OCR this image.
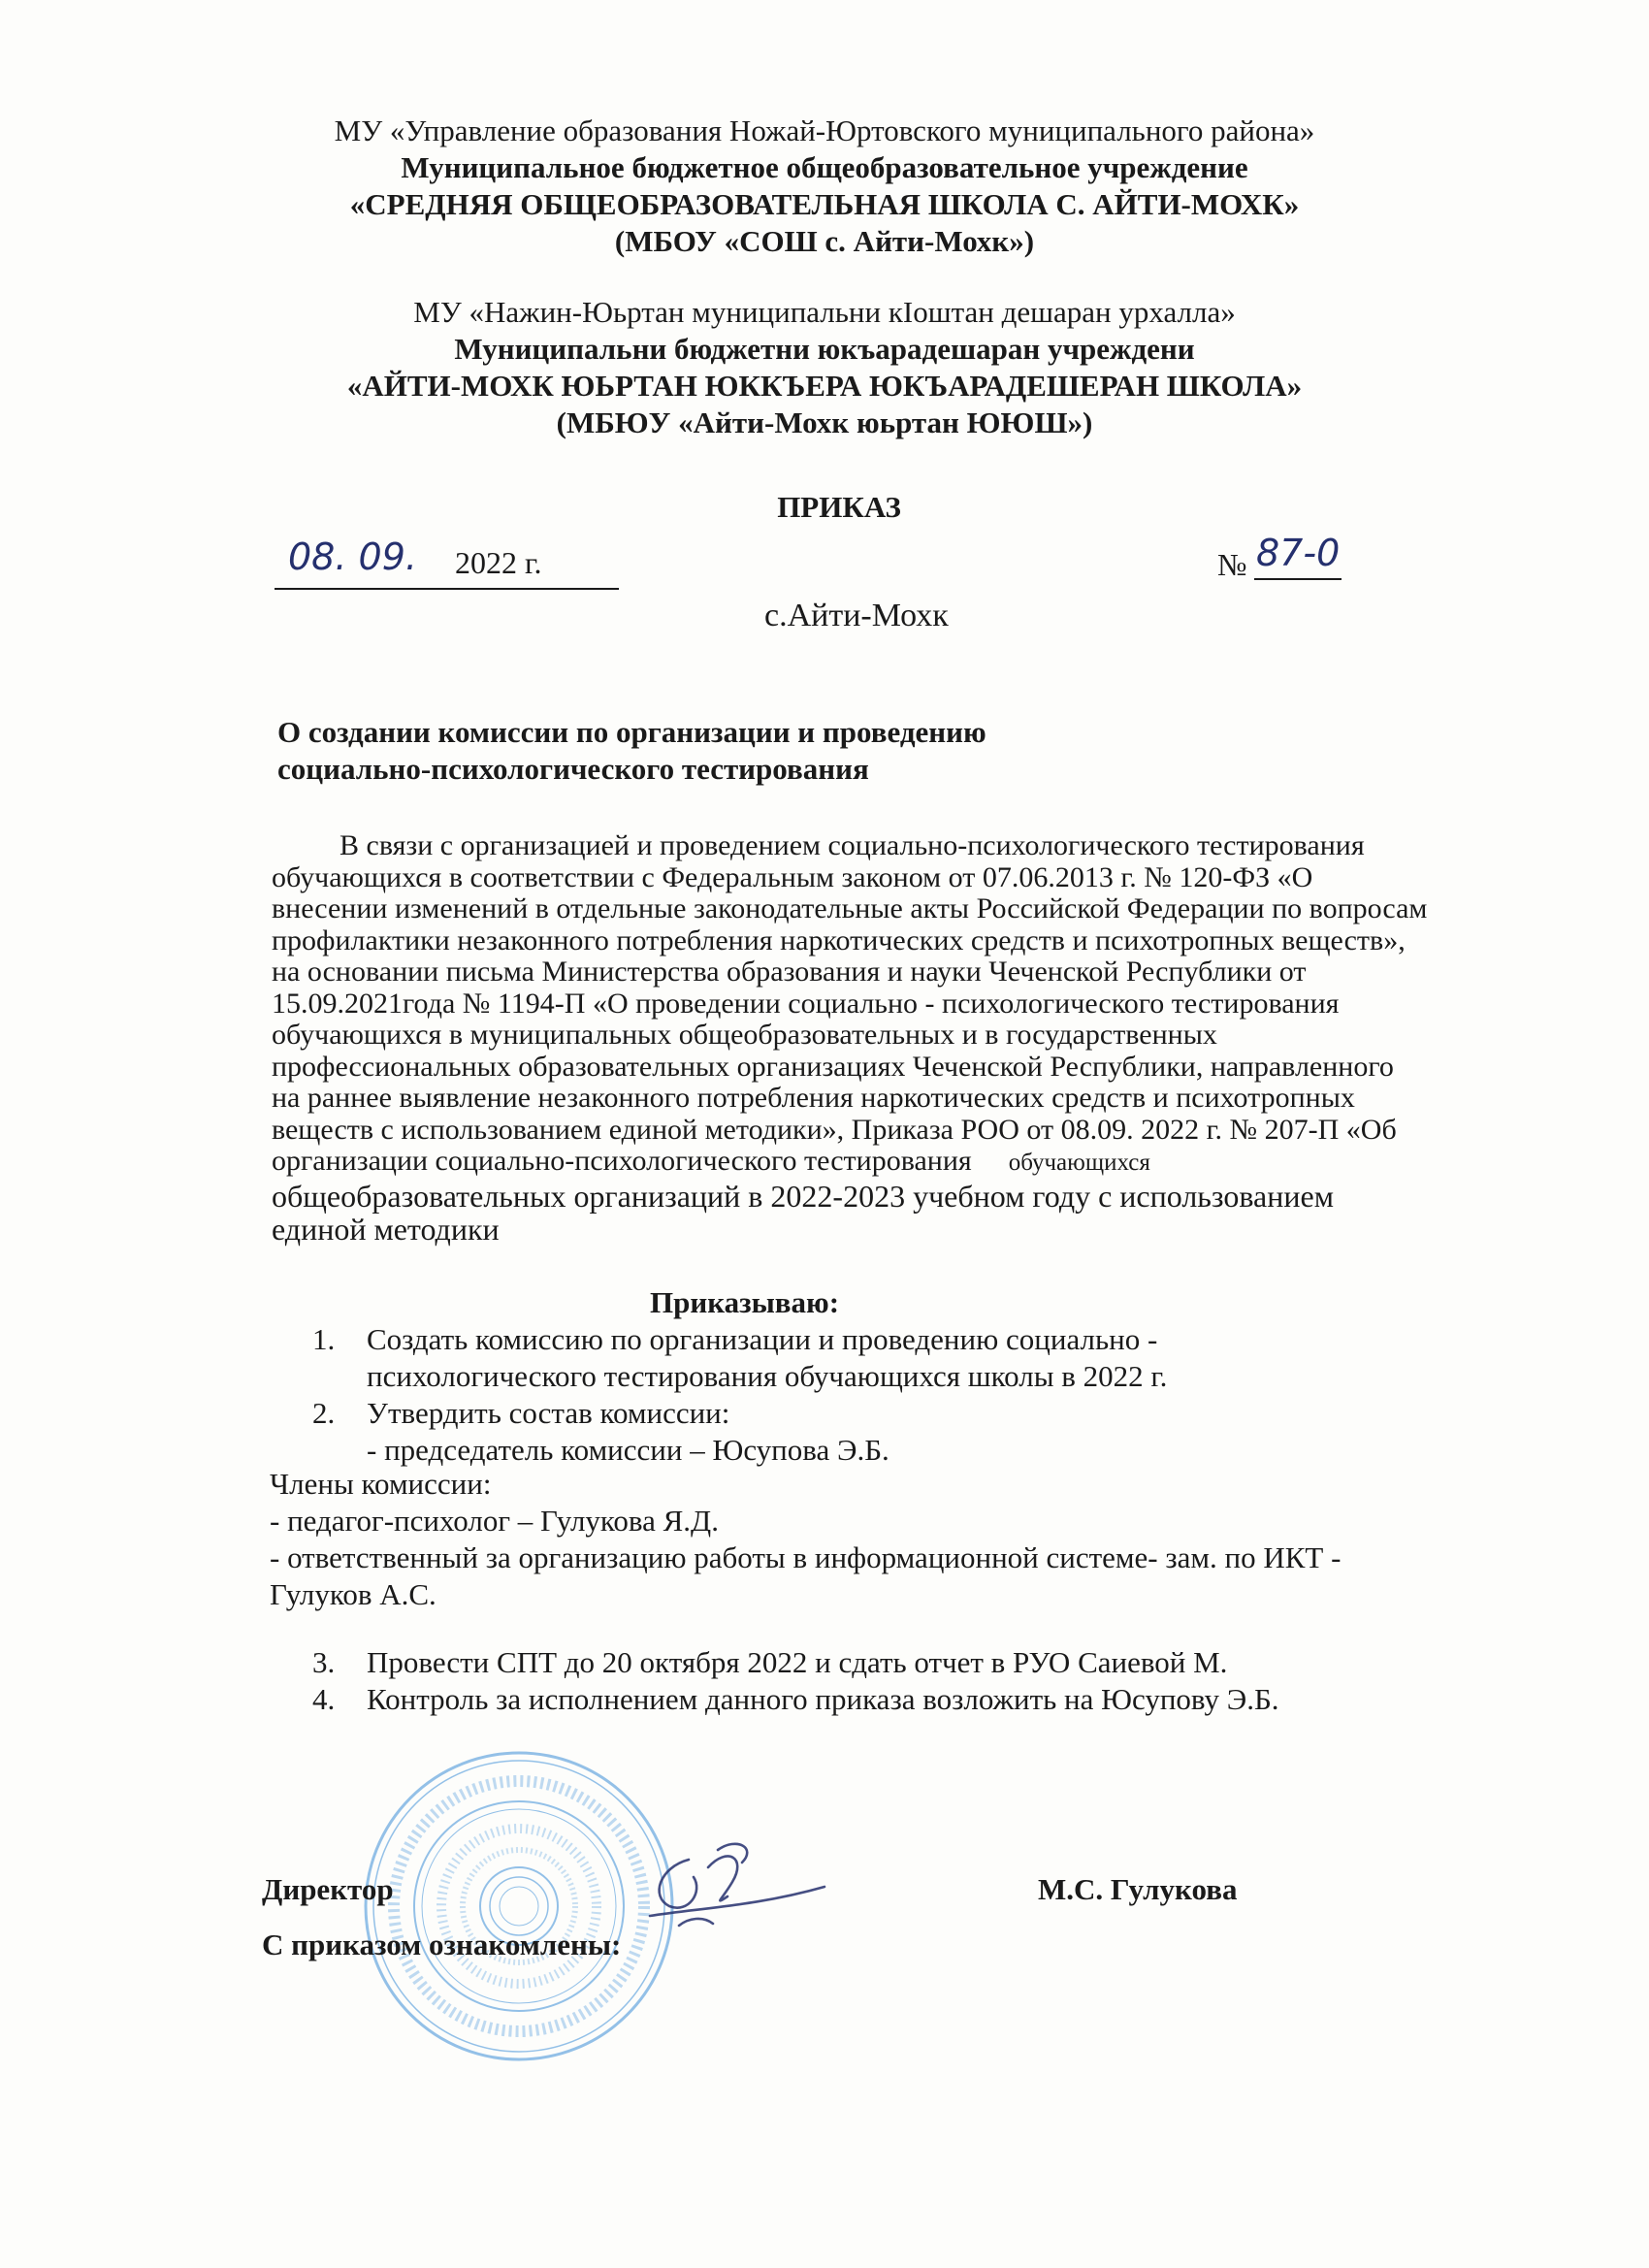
МУ «Управление образования Ножай-Юртовского муниципального района»
Муниципальное бюджетное общеобразовательное учреждение
«СРЕДНЯЯ ОБЩЕОБРАЗОВАТЕЛЬНАЯ ШКОЛА С. АЙТИ-МОХК»
(МБОУ «СОШ с. Айти-Мохк»)
МУ «Нажин-Юьртан муниципальни кӀоштан дешаран урхалла»
Муниципальни бюджетни юкъарадешаран учреждени
«АЙТИ-МОХК ЮЬРТАН ЮККЪЕРА ЮКЪАРАДЕШЕРАН ШКОЛА»
(МБЮУ «Айти-Мохк юьртан ЮЮШ»)
ПРИКАЗ
08. 09. 2022 г.	№ 87-0
с.Айти-Мохк
О создании комиссии по организации и проведению
социально-психологического тестирования
В связи с организацией и проведением социально-психологического тестирования
обучающихся в соответствии с Федеральным законом от 07.06.2013 г. № 120-ФЗ «О
внесении изменений в отдельные законодательные акты Российской Федерации по вопросам
профилактики незаконного потребления наркотических средств и психотропных веществ»,
на основании письма Министерства образования и науки Чеченской Республики от
15.09.2021года № 1194-П «О проведении социально - психологического тестирования
обучающихся в муниципальных общеобразовательных и в государственных
профессиональных образовательных организациях Чеченской Республики, направленного
на раннее выявление незаконного потребления наркотических средств и психотропных
веществ с использованием единой методики», Приказа РОО от 08.09. 2022 г. № 207-П «Об
организации социально-психологического тестирования обучающихся
общеобразовательных организаций в 2022-2023 учебном году с использованием
единой методики
Приказываю:
1. Создать комиссию по организации и проведению социально -
психологического тестирования обучающихся школы в 2022 г.
2. Утвердить состав комиссии:
- председатель комиссии – Юсупова Э.Б.
Члены комиссии:
- педагог-психолог – Гулукова Я.Д.
- ответственный за организацию работы в информационной системе- зам. по ИКТ -
Гулуков А.С.
3. Провести СПТ до 20 октября 2022 и сдать отчет в РУО Саиевой М.
4. Контроль за исполнением данного приказа возложить на Юсупову Э.Б.
Директор	М.С. Гулукова
С приказом ознакомлены:
